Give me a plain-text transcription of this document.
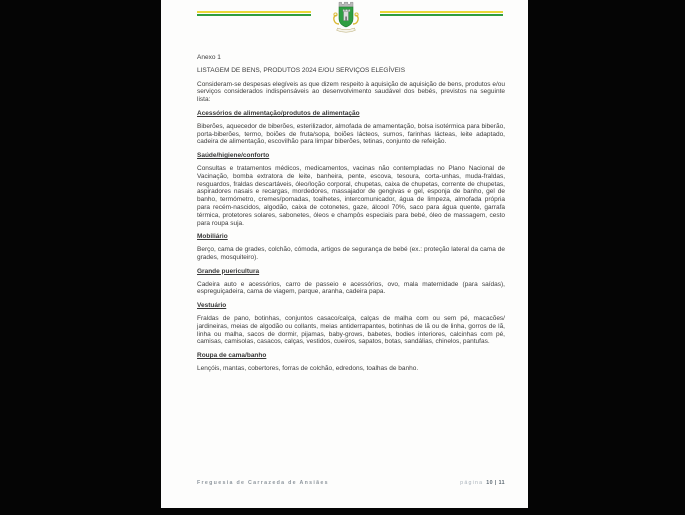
Anexo 1
LISTAGEM DE BENS, PRODUTOS 2024 E/OU SERVIÇOS ELEGÍVEIS

Consideram-se despesas elegíveis as que dizem respeito à aquisição de aquisição de bens, produtos e/ou serviços considerados indispensáveis ao desenvolvimento saudável dos bebés, previstos na seguinte lista:

Acessórios de alimentação/produtos de alimentação

Biberões, aquecedor de biberões, esterilizador, almofada de amamentação, bolsa isotérmica para biberão, porta-biberões, termo, boiões de fruta/sopa, boiões lácteos, sumos, farinhas lácteas, leite adaptado, cadeira de alimentação, escovilhão para limpar biberões, tetinas, conjunto de refeição.

Saúde/higiene/conforto

Consultas e tratamentos médicos, medicamentos, vacinas não contempladas no Plano Nacional de Vacinação, bomba extratora de leite, banheira, pente, escova, tesoura, corta-unhas, muda-fraldas, resguardos, fraldas descartáveis, óleo/loção corporal, chupetas, caixa de chupetas, corrente de chupetas, aspiradores nasais e recargas, mordedores, massajador de gengivas e gel, esponja de banho, gel de banho, termómetro, cremes/pomadas, toalhetes, intercomunicador, água de limpeza, almofada própria para recém-nascidos, algodão, caixa de cotonetes, gaze, álcool 70%, saco para água quente, garrafa térmica, protetores solares, sabonetes, óleos e champôs especiais para bebé, óleo de massagem, cesto para roupa suja.

Mobiliário

Berço, cama de grades, colchão, cómoda, artigos de segurança de bebé (ex.: proteção lateral da cama de grades, mosquiteiro).

Grande puericultura

Cadeira auto e acessórios, carro de passeio e acessórios, ovo, mala maternidade (para saídas), espreguiçadeira, cama de viagem, parque, aranha, cadeira papa.

Vestuário

Fraldas de pano, botinhas, conjuntos casaco/calça, calças de malha com ou sem pé, macacões/ jardineiras, meias de algodão ou collants, meias antiderrapantes, botinhas de lã ou de linha, gorros de lã, linha ou malha, sacos de dormir, pijamas, baby-grows, babetes, bodies interiores, calcinhas com pé, camisas, camisolas, casacos, calças, vestidos, cueiros, sapatos, botas, sandálias, chinelos, pantufas.

Roupa de cama/banho

Lençóis, mantas, cobertores, forras de colchão, edredons, toalhas de banho.

Freguesia de Carrazeda de Ansiães	página 10 | 11
